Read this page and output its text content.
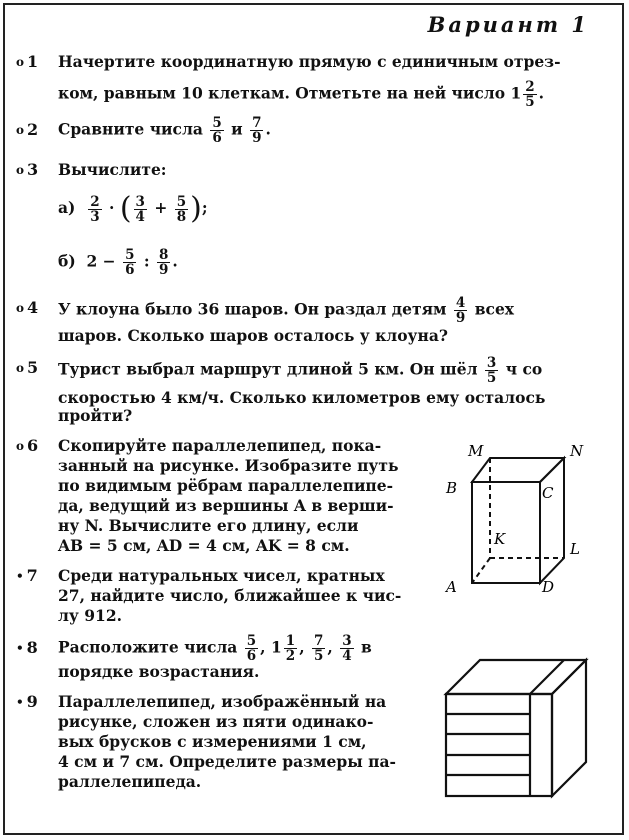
Вариант 1
o 1 Начертите координатную прямую с единичным отрез-
ком, равным 10 клеткам. Отметьте на ней число $1 \frac{2}{5}$ .
o 2 Сравните числа $\frac{5}{6}$ и $\frac{7}{9}$ .
o 3 Вычислите:
$а) \frac{2}{3}$ · ( $\frac{3}{4} + \frac{5}{8}$ );
б) $2 - \frac{5}{6}$ : $\frac{8}{9}$ .
o 4 У клоуна было 36 шаров. Он раздал детям $\frac{4}{9}$ всех
шаров. Сколько шаров осталось у клоуна?
o 5 Турист выбрал маршрут длиной 5 км. Он шёл $\frac{3}{5}$ ч со
скоростью 4 км/ч. Сколько километров ему осталось
пройти?
o 6 Скопируйте параллелепипед, пока-
занный на рисунке. Изобразите путь
по видимым рёбрам параллелепипе-
да, ведущий из вершины A в верши-
ну N. Вычислите его длину, если
AB = 5 см, AD = 4 см, AK = 8 см.
• 7 Среди натуральных чисел, кратных
27, найдите число, ближайшее к чис-
лу 912.
• 8 Расположите числа $\frac{5}{6}$ , $1 \frac{1}{2}$ , $\frac{7}{5}$ , $\frac{3}{4}$ в
порядке возрастания.
• 9 Параллелепипед, изображённый на
рисунке, сложен из пяти одинако-
вых брусков с измерениями 1 см,
4 см и 7 см. Определите размеры па-
раллелепипеда.
M	N
B	C
K
L
A	D
